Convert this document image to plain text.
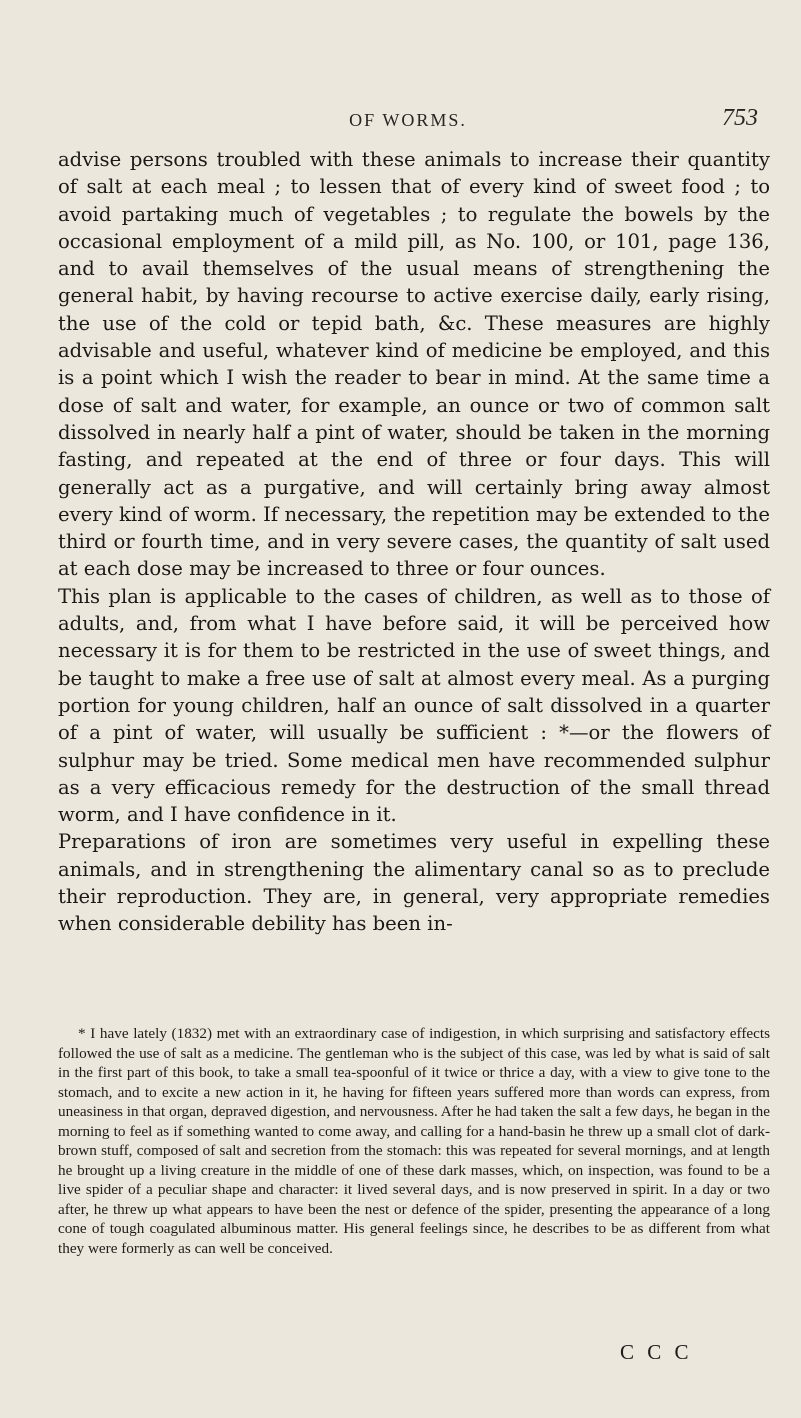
OF WORMS.	753

advise persons troubled with these animals to increase their quantity of salt at each meal ; to lessen that of every kind of sweet food ; to avoid partaking much of vegetables ; to regulate the bowels by the occasional employment of a mild pill, as No. 100, or 101, page 136, and to avail themselves of the usual means of strengthening the general habit, by having recourse to active exercise daily, early rising, the use of the cold or tepid bath, &c. These measures are highly advisable and useful, whatever kind of medicine be employed, and this is a point which I wish the reader to bear in mind. At the same time a dose of salt and water, for example, an ounce or two of common salt dissolved in nearly half a pint of water, should be taken in the morning fasting, and repeated at the end of three or four days. This will generally act as a purgative, and will certainly bring away almost every kind of worm. If necessary, the repetition may be extended to the third or fourth time, and in very severe cases, the quantity of salt used at each dose may be increased to three or four ounces.

This plan is applicable to the cases of children, as well as to those of adults, and, from what I have before said, it will be perceived how necessary it is for them to be restricted in the use of sweet things, and be taught to make a free use of salt at almost every meal. As a purging portion for young children, half an ounce of salt dissolved in a quarter of a pint of water, will usually be sufficient : *—or the flowers of sulphur may be tried. Some medical men have recommended sulphur as a very efficacious remedy for the destruction of the small thread worm, and I have confidence in it.

Preparations of iron are sometimes very useful in expelling these animals, and in strengthening the alimentary canal so as to preclude their reproduction. They are, in general, very appropriate remedies when considerable debility has been in-

* I have lately (1832) met with an extraordinary case of indigestion, in which surprising and satisfactory effects followed the use of salt as a medicine. The gentleman who is the subject of this case, was led by what is said of salt in the first part of this book, to take a small tea-spoonful of it twice or thrice a day, with a view to give tone to the stomach, and to excite a new action in it, he having for fifteen years suffered more than words can express, from uneasiness in that organ, depraved digestion, and nervousness. After he had taken the salt a few days, he began in the morning to feel as if something wanted to come away, and calling for a hand-basin he threw up a small clot of dark-brown stuff, composed of salt and secretion from the stomach: this was repeated for several mornings, and at length he brought up a living creature in the middle of one of these dark masses, which, on inspection, was found to be a live spider of a peculiar shape and character: it lived several days, and is now preserved in spirit. In a day or two after, he threw up what appears to have been the nest or defence of the spider, presenting the appearance of a long cone of tough coagulated albuminous matter. His general feelings since, he describes to be as different from what they were formerly as can well be conceived.
C C C
